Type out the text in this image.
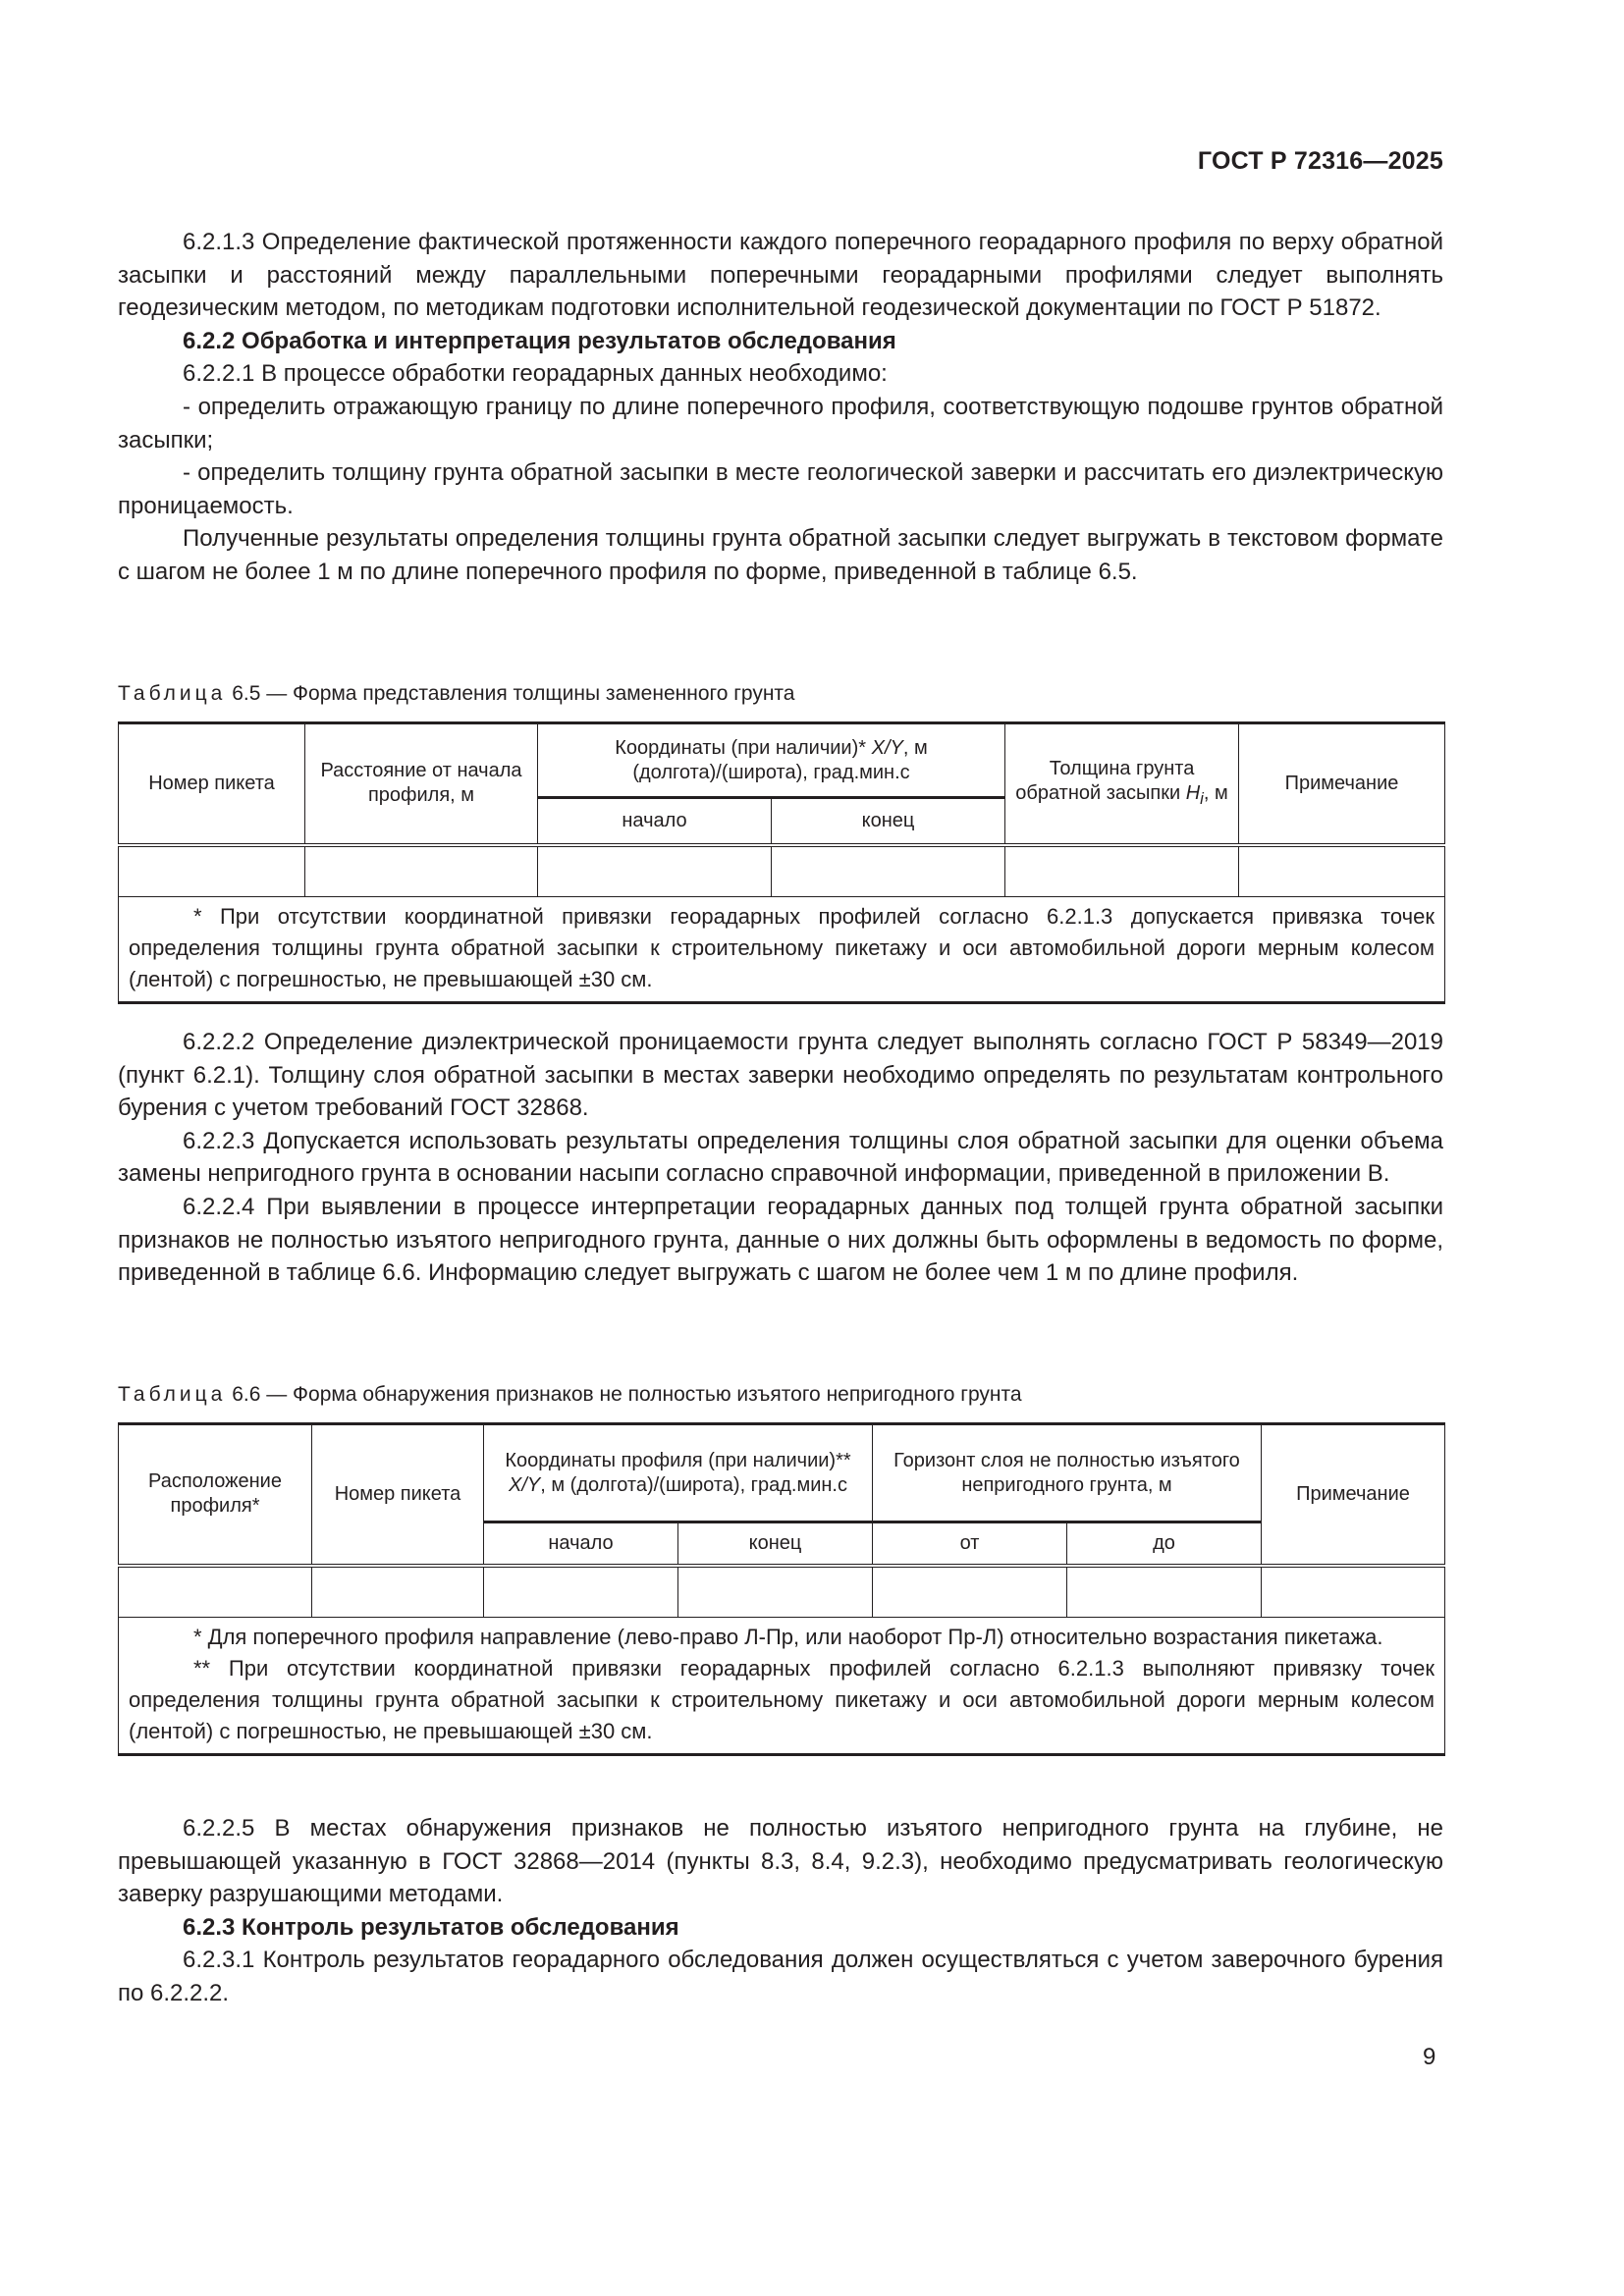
ГОСТ Р 72316—2025

6.2.1.3 Определение фактической протяженности каждого поперечного георадарного профиля по верху обратной засыпки и расстояний между параллельными поперечными георадарными профилями следует выполнять геодезическим методом, по методикам подготовки исполнительной геодезической документации по ГОСТ Р 51872.

6.2.2 Обработка и интерпретация результатов обследования

6.2.2.1 В процессе обработки георадарных данных необходимо:

- определить отражающую границу по длине поперечного профиля, соответствующую подошве грунтов обратной засыпки;

- определить толщину грунта обратной засыпки в месте геологической заверки и рассчитать его диэлектрическую проницаемость.

Полученные результаты определения толщины грунта обратной засыпки следует выгружать в текстовом формате с шагом не более 1 м по длине поперечного профиля по форме, приведенной в таблице 6.5.

Таблица 6.5 — Форма представления толщины замененного грунта
Номер пикета	Расстояние от начала профиля, м	Координаты (при наличии)* X/Y, м (долгота)/(широта), град.мин.с		Толщина грунта обратной засыпки $H_i$, м	Примечание
		начало	конец		

* При отсутствии координатной привязки георадарных профилей согласно 6.2.1.3 допускается привязка точек определения толщины грунта обратной засыпки к строительному пикетажу и оси автомобильной дороги мерным колесом (лентой) с погрешностью, не превышающей ±30 см.					

6.2.2.2 Определение диэлектрической проницаемости грунта следует выполнять согласно ГОСТ Р 58349—2019 (пункт 6.2.1). Толщину слоя обратной засыпки в местах заверки необходимо определять по результатам контрольного бурения с учетом требований ГОСТ 32868.

6.2.2.3 Допускается использовать результаты определения толщины слоя обратной засыпки для оценки объема замены непригодного грунта в основании насыпи согласно справочной информации, приведенной в приложении В.

6.2.2.4 При выявлении в процессе интерпретации георадарных данных под толщей грунта обратной засыпки признаков не полностью изъятого непригодного грунта, данные о них должны быть оформлены в ведомость по форме, приведенной в таблице 6.6. Информацию следует выгружать с шагом не более чем 1 м по длине профиля.

Таблица 6.6 — Форма обнаружения признаков не полностью изъятого непригодного грунта
Расположение профиля*	Номер пикета	Координаты профиля (при наличии)** X/Y, м (долгота)/(широта), град.мин.с		Горизонт слоя не полностью изъятого непригодного грунта, м		Примечание
		начало	конец	от	до	

* Для поперечного профиля направление (лево-право Л-Пр, или наоборот Пр-Л) относительно возрастания пикетажа.

** При отсутствии координатной привязки георадарных профилей согласно 6.2.1.3 выполняют привязку точек определения толщины грунта обратной засыпки к строительному пикетажу и оси автомобильной дороги мерным колесом (лентой) с погрешностью, не превышающей ±30 см.						

6.2.2.5 В местах обнаружения признаков не полностью изъятого непригодного грунта на глубине, не превышающей указанную в ГОСТ 32868—2014 (пункты 8.3, 8.4, 9.2.3), необходимо предусматривать геологическую заверку разрушающими методами.

6.2.3 Контроль результатов обследования

6.2.3.1 Контроль результатов георадарного обследования должен осуществляться с учетом заверочного бурения по 6.2.2.2.

9
